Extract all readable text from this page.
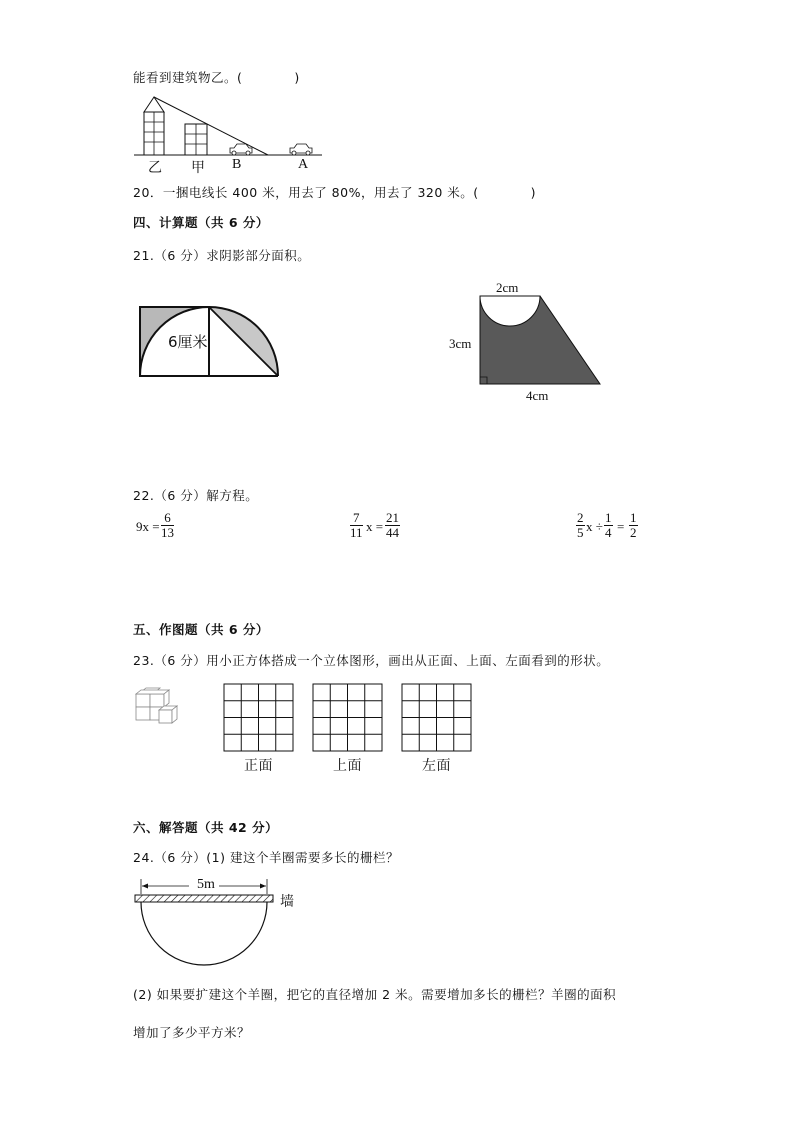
能看到建筑物乙。(　　　　)
乙 甲 B	A
20．一捆电线长 400 米，用去了 80%，用去了 320 米。(　　　　)
四、计算题（共 6 分）
21.（6 分）求阴影部分面积。
6厘米
2cm
3cm
4cm
22.（6 分）解方程。
$9x = \frac{6}{13}$	$\frac{7}{11}$ $x = \frac{21}{44}$	$\frac{2}{5}$ $x \div \frac{1}{4} = \frac{1}{2}$
五、作图题（共 6 分）
23.（6 分）用小正方体搭成一个立体图形，画出从正面、上面、左面看到的形状。
正面	上面	左面
六、解答题（共 42 分）
24.（6 分）(1) 建这个羊圈需要多长的栅栏？
5m
墙
(2) 如果要扩建这个羊圈，把它的直径增加 2 米。需要增加多长的栅栏？羊圈的面积
增加了多少平方米？
